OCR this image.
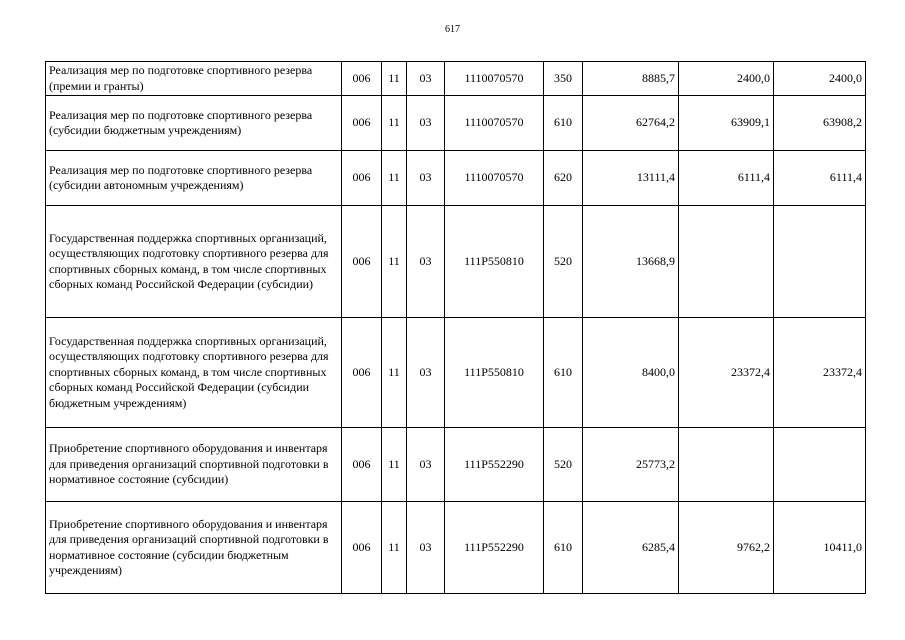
617
Реализация мер по подготовке спортивного резерва (премии и гранты)	006	11	03	1110070570	350	8885,7	2400,0	2400,0
Реализация мер по подготовке спортивного резерва (субсидии бюджетным учреждениям)	006	11	03	1110070570	610	62764,2	63909,1	63908,2
Реализация мер по подготовке спортивного резерва (субсидии автономным учреждениям)	006	11	03	1110070570	620	13111,4	6111,4	6111,4
Государственная поддержка спортивных организаций, осуществляющих подготовку спортивного резерва для спортивных сборных команд, в том числе спортивных сборных команд Российской Федерации (субсидии)	006	11	03	111P550810	520	13668,9		
Государственная поддержка спортивных организаций, осуществляющих подготовку спортивного резерва для спортивных сборных команд, в том числе спортивных сборных команд Российской Федерации (субсидии бюджетным учреждениям)	006	11	03	111P550810	610	8400,0	23372,4	23372,4
Приобретение спортивного оборудования и инвентаря для приведения организаций спортивной подготовки в нормативное состояние (субсидии)	006	11	03	111P552290	520	25773,2		
Приобретение спортивного оборудования и инвентаря для приведения организаций спортивной подготовки в нормативное состояние (субсидии бюджетным учреждениям)	006	11	03	111P552290	610	6285,4	9762,2	10411,0
